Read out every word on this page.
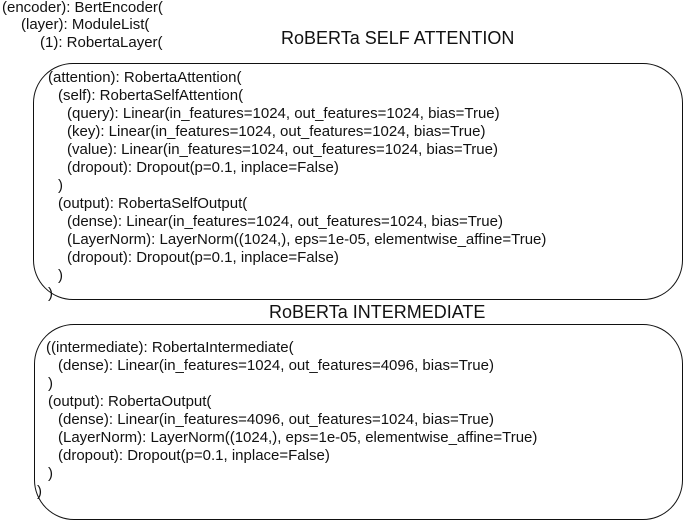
(encoder): BertEncoder(
(layer): ModuleList(
(1): RobertaLayer(	RoBERTa SELF ATTENTION
(attention): RobertaAttention(
(self): RobertaSelfAttention(
(query): Linear(in_features=1024, out_features=1024, bias=True)
(key): Linear(in_features=1024, out_features=1024, bias=True)
(value): Linear(in_features=1024, out_features=1024, bias=True)
(dropout): Dropout(p=0.1, inplace=False)
)
(output): RobertaSelfOutput(
(dense): Linear(in_features=1024, out_features=1024, bias=True)
(LayerNorm): LayerNorm((1024,), eps=1e-05, elementwise_affine=True)
(dropout): Dropout(p=0.1, inplace=False)
)
)
RoBERTa INTERMEDIATE
((intermediate): RobertaIntermediate(
(dense): Linear(in_features=1024, out_features=4096, bias=True)
)
(output): RobertaOutput(
(dense): Linear(in_features=4096, out_features=1024, bias=True)
(LayerNorm): LayerNorm((1024,), eps=1e-05, elementwise_affine=True)
(dropout): Dropout(p=0.1, inplace=False)
)
)
